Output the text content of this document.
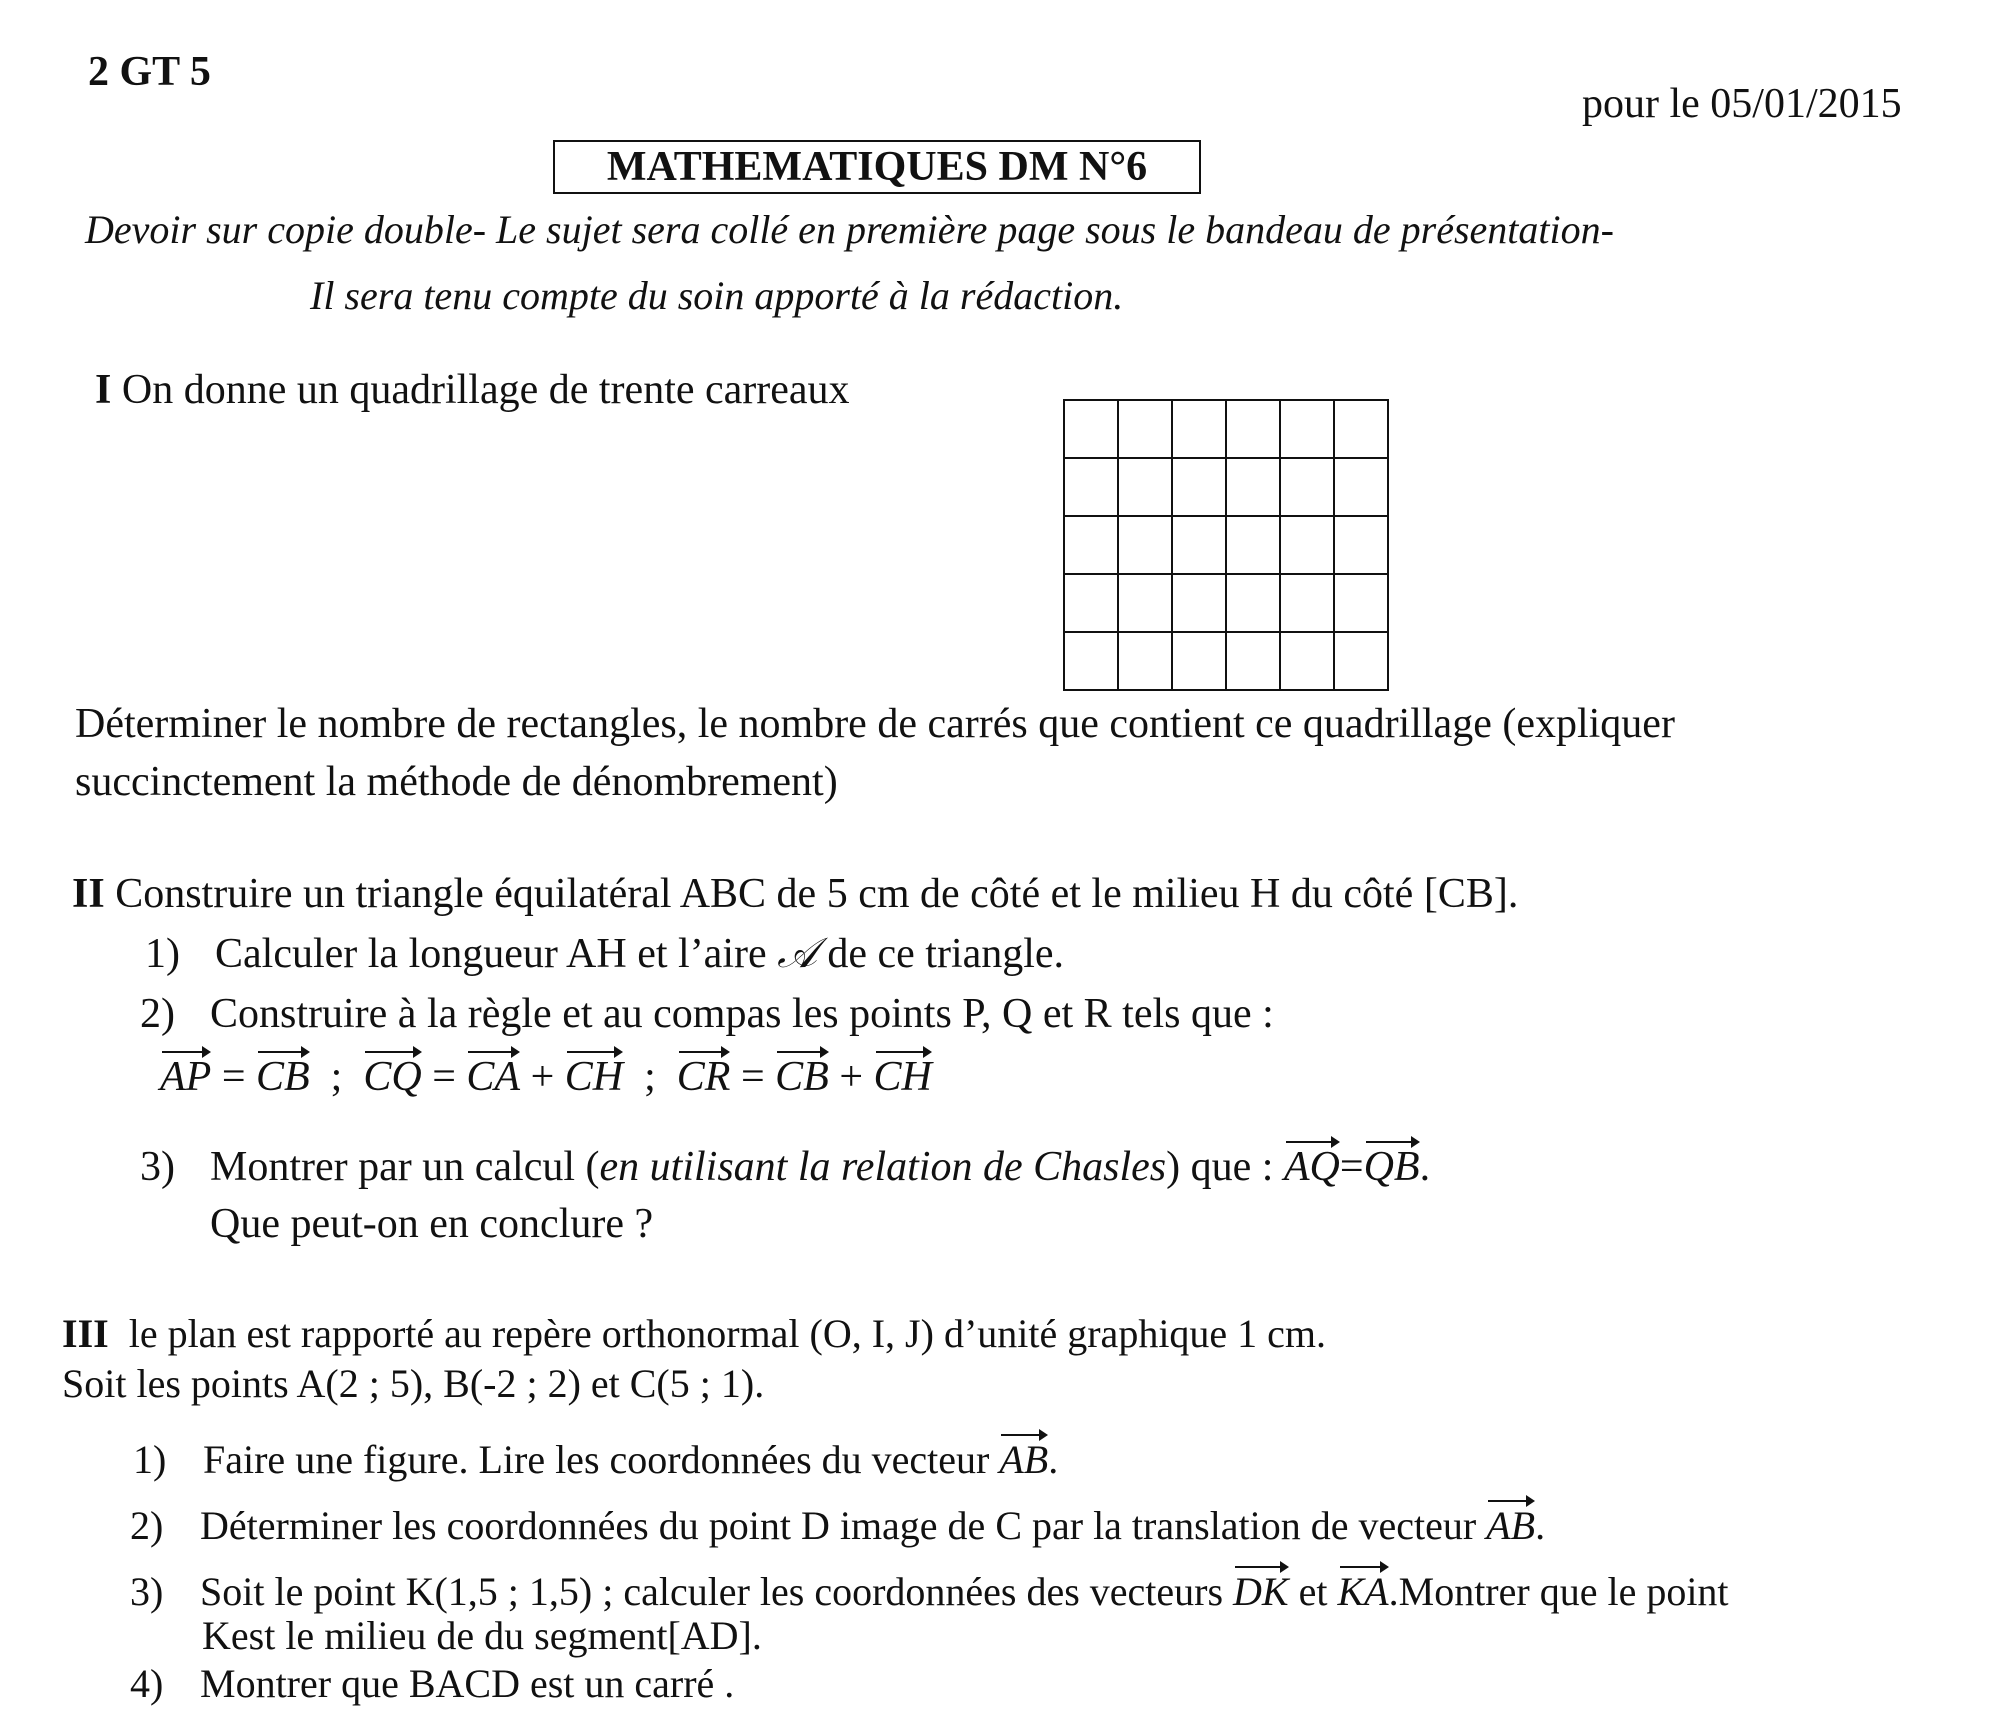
2 GT 5
pour le 05/01/2015
MATHEMATIQUES DM N°6
Devoir sur copie double- Le sujet sera collé en première page sous le bandeau de présentation-
Il sera tenu compte du soin apporté à la rédaction.
I On donne un quadrillage de trente carreaux
Déterminer le nombre de rectangles, le nombre de carrés que contient ce quadrillage (expliquer
succinctement la méthode de dénombrement)
II Construire un triangle équilatéral ABC de 5 cm de côté et le milieu H du côté [CB].
1) Calculer la longueur AH et l’aire 𝒜 de ce triangle.
2) Construire à la règle et au compas les points P, Q et R tels que :
AP = CB ; CQ = CA + CH ; CR = CB + CH
3) Montrer par un calcul (en utilisant la relation de Chasles) que : AQ=QB.
Que peut-on en conclure ?
III le plan est rapporté au repère orthonormal (O, I, J) d’unité graphique 1 cm.
Soit les points A(2 ; 5), B(-2 ; 2) et C(5 ; 1).
1) Faire une figure. Lire les coordonnées du vecteur AB.
2) Déterminer les coordonnées du point D image de C par la translation de vecteur AB.
3) Soit le point K(1,5 ; 1,5) ; calculer les coordonnées des vecteurs DK et KA.Montrer que le point
Kest le milieu de du segment[AD].
4) Montrer que BACD est un carré .
